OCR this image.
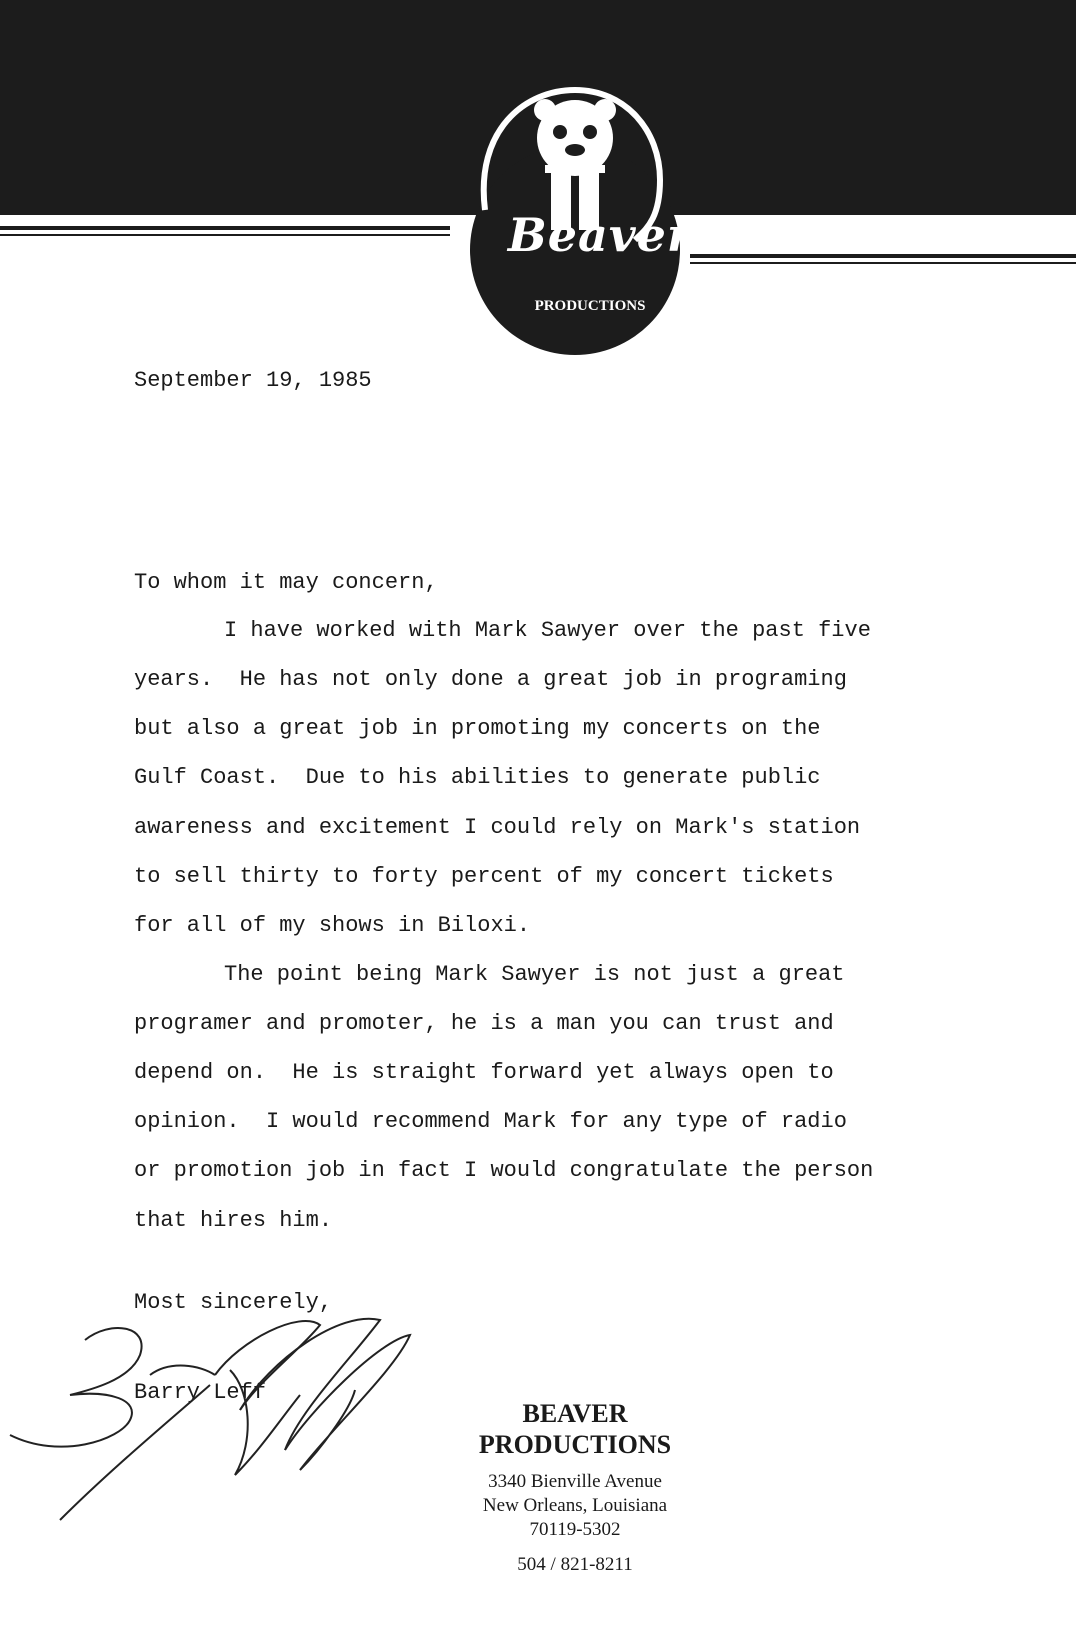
Beaver
PRODUCTIONS
September 19, 1985
To whom it may concern,
I have worked with Mark Sawyer over the past five
years.  He has not only done a great job in programing
but also a great job in promoting my concerts on the
Gulf Coast.  Due to his abilities to generate public
awareness and excitement I could rely on Mark's station
to sell thirty to forty percent of my concert tickets
for all of my shows in Biloxi.
The point being Mark Sawyer is not just a great
programer and promoter, he is a man you can trust and
depend on.  He is straight forward yet always open to
opinion.  I would recommend Mark for any type of radio
or promotion job in fact I would congratulate the person
that hires him.
Most sincerely,
Barry Leff
BEAVER
PRODUCTIONS
3340 Bienville Avenue
New Orleans, Louisiana
70119-5302
504 / 821-8211
